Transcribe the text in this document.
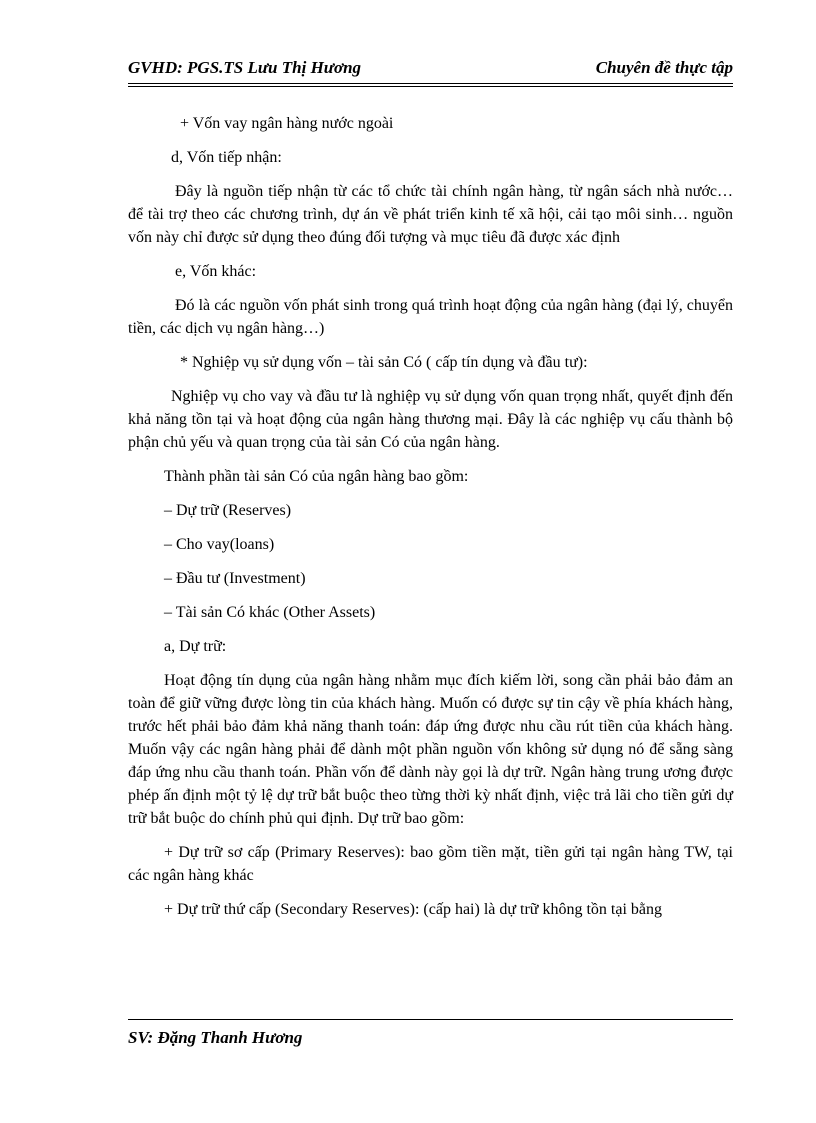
GVHD: PGS.TS Lưu Thị Hương	Chuyên đề thực tập

+ Vốn vay ngân hàng nước ngoài

d, Vốn tiếp nhận:

Đây là nguồn tiếp nhận từ các tổ chức tài chính ngân hàng, từ ngân sách nhà nước… để tài trợ theo các chương trình, dự án về phát triển kinh tế xã hội, cải tạo môi sinh… nguồn vốn này chỉ được sử dụng theo đúng đối tượng và mục tiêu đã được xác định

e, Vốn khác:

Đó là các nguồn vốn phát sinh trong quá trình hoạt động của ngân hàng (đại lý, chuyển tiền, các dịch vụ ngân hàng…)

* Nghiệp vụ sử dụng vốn – tài sản Có ( cấp tín dụng và đầu tư):

Nghiệp vụ cho vay và đầu tư là nghiệp vụ sử dụng vốn quan trọng nhất, quyết định đến khả năng tồn tại và hoạt động của ngân hàng thương mại. Đây là các nghiệp vụ cấu thành bộ phận chủ yếu và quan trọng của tài sản Có của ngân hàng.

Thành phần tài sản Có của ngân hàng bao gồm:

– Dự trữ (Reserves)

– Cho vay(loans)

– Đầu tư (Investment)

– Tài sản Có khác (Other Assets)

a, Dự trữ:

Hoạt động tín dụng của ngân hàng nhằm mục đích kiếm lời, song cần phải bảo đảm an toàn để giữ vững được lòng tin của khách hàng. Muốn có được sự tin cậy về phía khách hàng, trước hết phải bảo đảm khả năng thanh toán: đáp ứng được nhu cầu rút tiền của khách hàng. Muốn vậy các ngân hàng phải để dành một phần nguồn vốn không sử dụng nó để sẵng sàng đáp ứng nhu cầu thanh toán. Phần vốn để dành này gọi là dự trữ. Ngân hàng trung ương được phép ấn định một tỷ lệ dự trữ bắt buộc theo từng thời kỳ nhất định, việc trả lãi cho tiền gửi dự trữ bắt buộc do chính phủ qui định. Dự trữ bao gồm:

+ Dự trữ sơ cấp (Primary Reserves): bao gồm tiền mặt, tiền gửi tại ngân hàng TW, tại các ngân hàng khác

+ Dự trữ thứ cấp (Secondary Reserves): (cấp hai) là dự trữ không tồn tại bằng

SV: Đặng Thanh Hương
